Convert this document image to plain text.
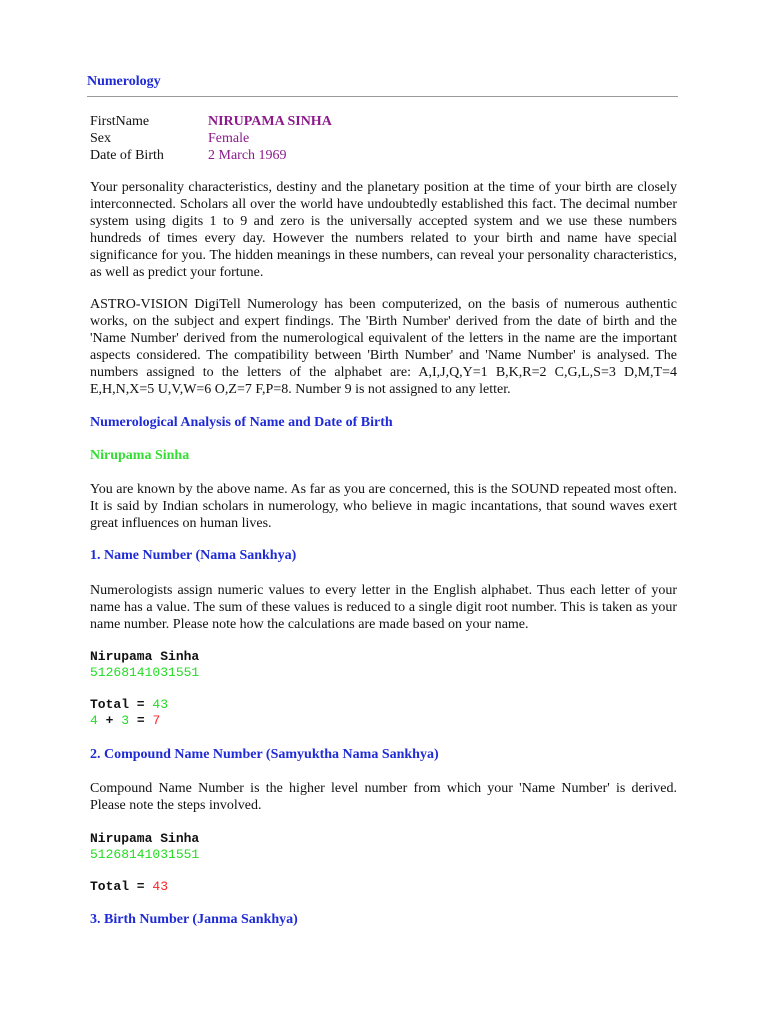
Numerology
FirstName	NIRUPAMA SINHA
Sex	Female
Date of Birth	2 March 1969

Your personality characteristics, destiny and the planetary position at the time of your birth are closely interconnected. Scholars all over the world have undoubtedly established this fact. The decimal number system using digits 1 to 9 and zero is the universally accepted system and we use these numbers hundreds of times every day. However the numbers related to your birth and name have special significance for you. The hidden meanings in these numbers, can reveal your personality characteristics, as well as predict your fortune.

ASTRO-VISION DigiTell Numerology has been computerized, on the basis of numerous authentic works, on the subject and expert findings. The 'Birth Number' derived from the date of birth and the 'Name Number' derived from the numerological equivalent of the letters in the name are the important aspects considered. The compatibility between 'Birth Number' and 'Name Number' is analysed. The numbers assigned to the letters of the alphabet are: A,I,J,Q,Y=1 B,K,R=2 C,G,L,S=3 D,M,T=4 E,H,N,X=5 U,V,W=6 O,Z=7 F,P=8. Number 9 is not assigned to any letter.

Numerological Analysis of Name and Date of Birth
Nirupama Sinha

You are known by the above name. As far as you are concerned, this is the SOUND repeated most often. It is said by Indian scholars in numerology, who believe in magic incantations, that sound waves exert great influences on human lives.

1. Name Number (Nama Sankhya)

Numerologists assign numeric values to every letter in the English alphabet. Thus each letter of your name has a value. The sum of these values is reduced to a single digit root number. This is taken as your name number. Please note how the calculations are made based on your name.

Nirupama Sinha
51268141031551
Total = 43
4 + 3 = 7
2. Compound Name Number (Samyuktha Nama Sankhya)

Compound Name Number is the higher level number from which your 'Name Number' is derived. Please note the steps involved.

Nirupama Sinha
51268141031551
Total = 43
3. Birth Number (Janma Sankhya)
